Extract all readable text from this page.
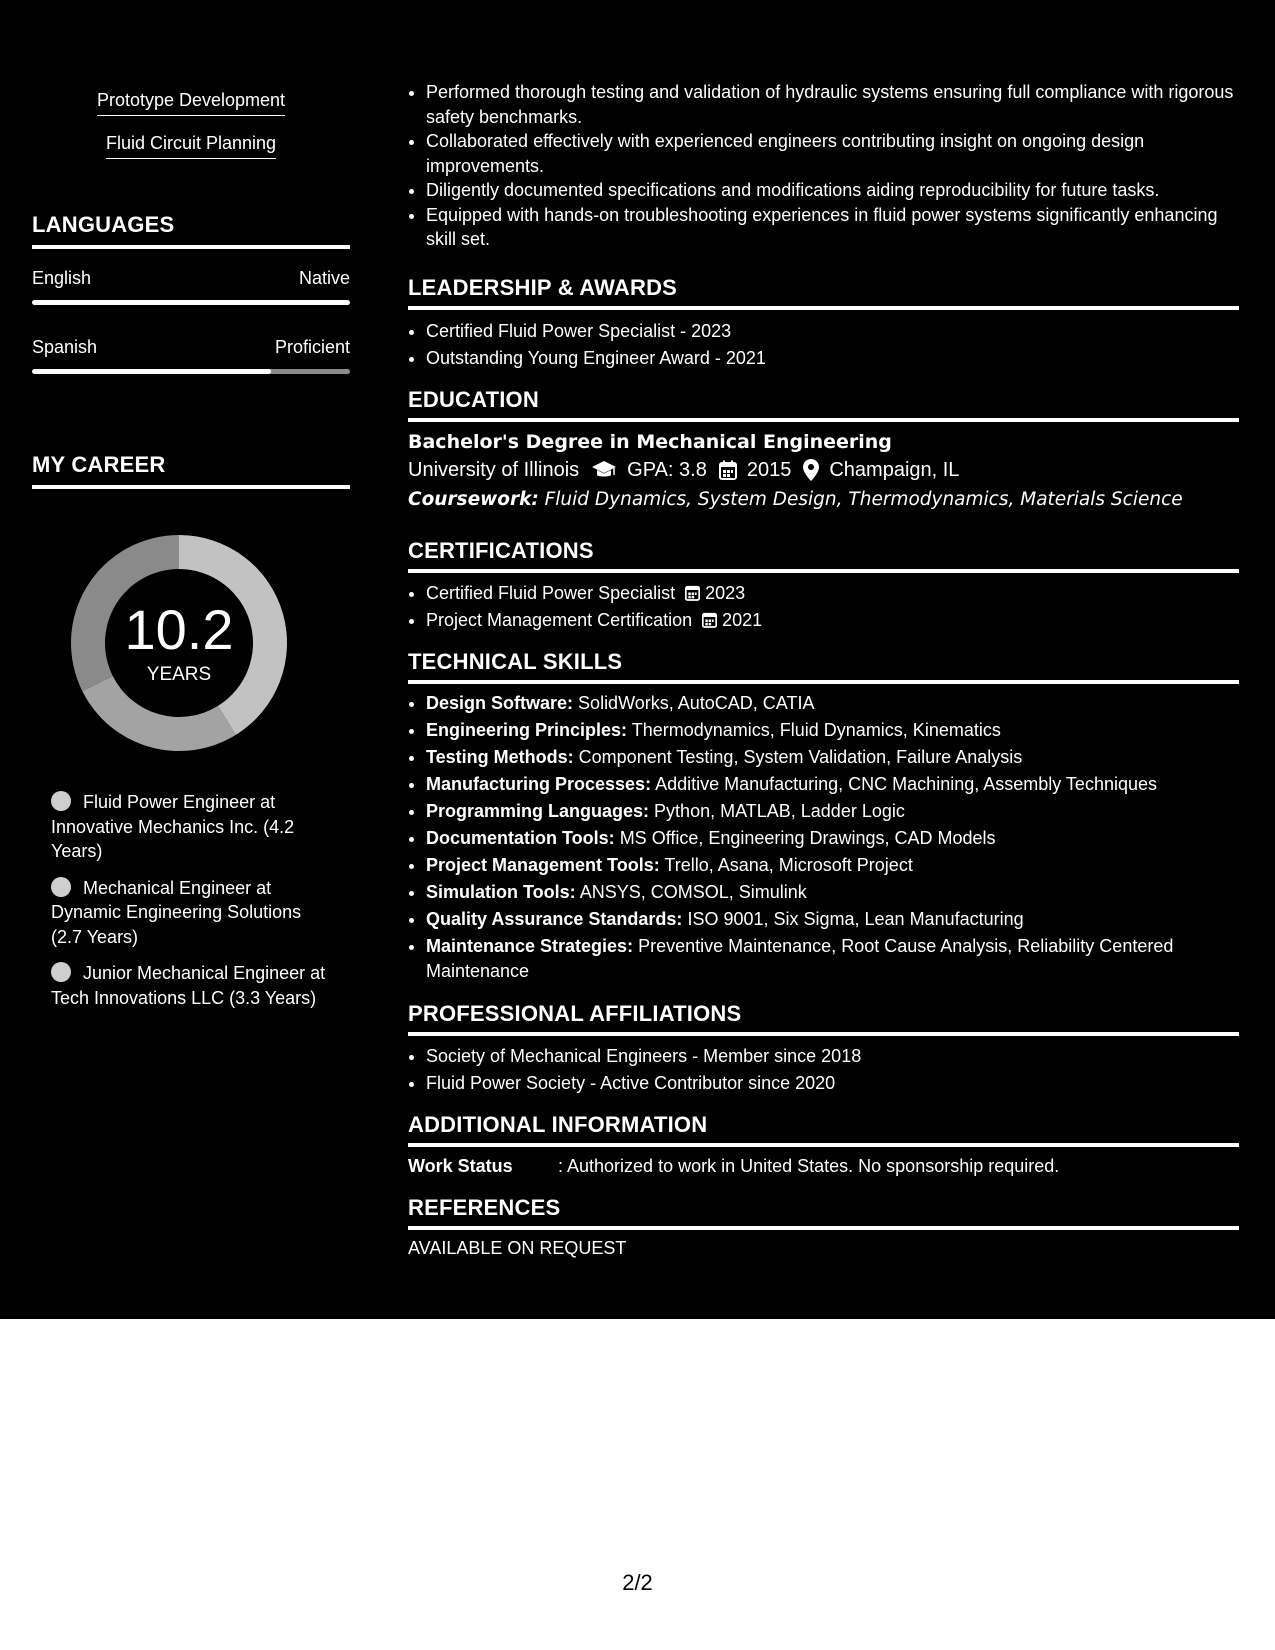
Prototype Development
Fluid Circuit Planning
LANGUAGES
English	Native
Spanish	Proficient
MY CAREER
10.2
YEARS
Fluid Power Engineer at Innovative Mechanics Inc. (4.2 Years)
Mechanical Engineer at Dynamic Engineering Solutions (2.7 Years)
Junior Mechanical Engineer at Tech Innovations LLC (3.3 Years)
• Performed thorough testing and validation of hydraulic systems ensuring full compliance with rigorous safety benchmarks.
• Collaborated effectively with experienced engineers contributing insight on ongoing design improvements.
• Diligently documented specifications and modifications aiding reproducibility for future tasks.
• Equipped with hands-on troubleshooting experiences in fluid power systems significantly enhancing skill set.
LEADERSHIP & AWARDS
• Certified Fluid Power Specialist - 2023
• Outstanding Young Engineer Award - 2021
EDUCATION
Bachelor's Degree in Mechanical Engineering
University of Illinois GPA: 3.8 2015 Champaign, IL
Coursework: Fluid Dynamics, System Design, Thermodynamics, Materials Science
CERTIFICATIONS
• Certified Fluid Power Specialist 2023
• Project Management Certification 2021
TECHNICAL SKILLS
• Design Software: SolidWorks, AutoCAD, CATIA
• Engineering Principles: Thermodynamics, Fluid Dynamics, Kinematics
• Testing Methods: Component Testing, System Validation, Failure Analysis
• Manufacturing Processes: Additive Manufacturing, CNC Machining, Assembly Techniques
• Programming Languages: Python, MATLAB, Ladder Logic
• Documentation Tools: MS Office, Engineering Drawings, CAD Models
• Project Management Tools: Trello, Asana, Microsoft Project
• Simulation Tools: ANSYS, COMSOL, Simulink
• Quality Assurance Standards: ISO 9001, Six Sigma, Lean Manufacturing
• Maintenance Strategies: Preventive Maintenance, Root Cause Analysis, Reliability Centered Maintenance
PROFESSIONAL AFFILIATIONS
• Society of Mechanical Engineers - Member since 2018
• Fluid Power Society - Active Contributor since 2020
ADDITIONAL INFORMATION
Work Status	: Authorized to work in United States. No sponsorship required.
REFERENCES
AVAILABLE ON REQUEST
2/2
